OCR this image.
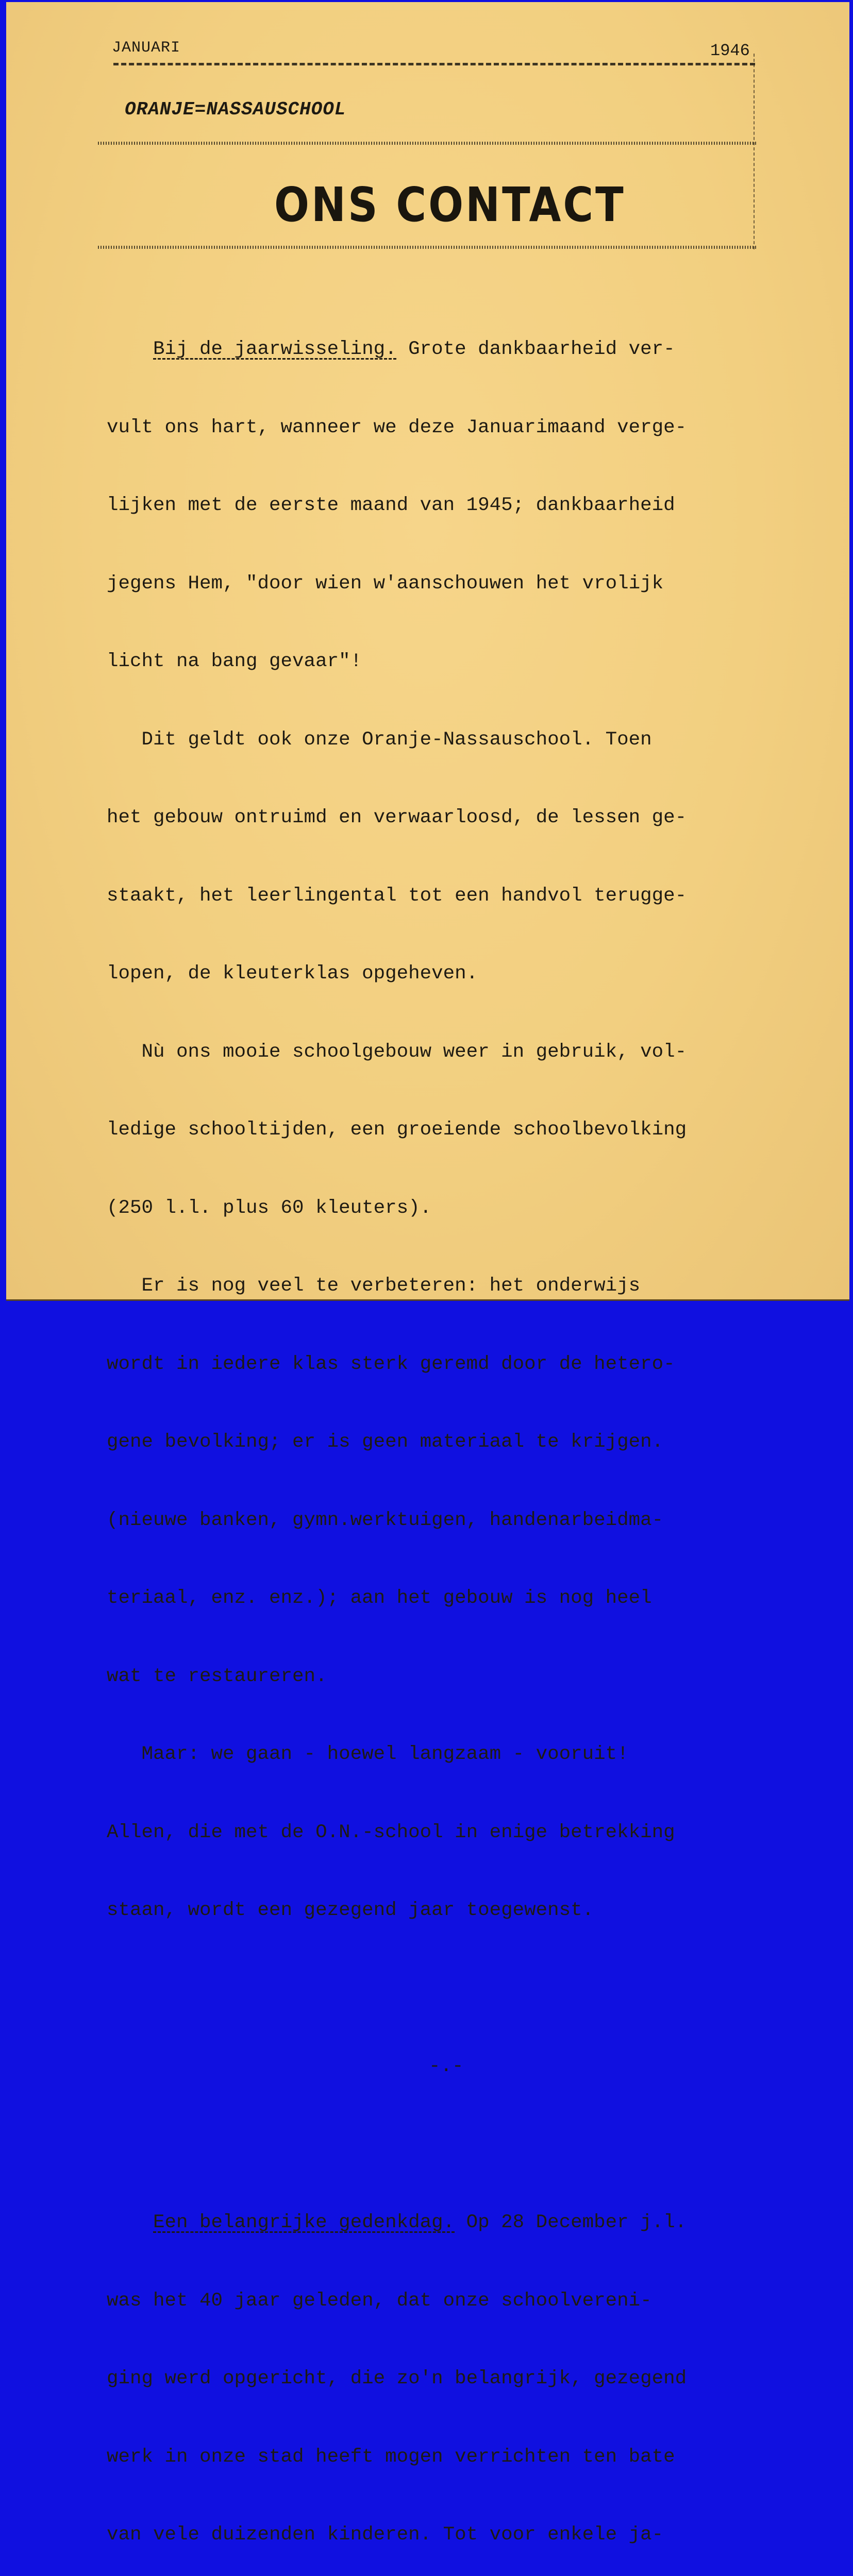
JANUARI	1946
ORANJE=NASSAUSCHOOL
ONS CONTACT

Bij de jaarwisseling. Grote dankbaarheid ver-

vult ons hart, wanneer we deze Januarimaand verge-

lijken met de eerste maand van 1945; dankbaarheid

jegens Hem, "door wien w'aanschouwen het vrolijk

licht na bang gevaar"!

Dit geldt ook onze Oranje-Nassauschool. Toen

het gebouw ontruimd en verwaarloosd, de lessen ge-

staakt, het leerlingental tot een handvol terugge-

lopen, de kleuterklas opgeheven.

Nù ons mooie schoolgebouw weer in gebruik, vol-

ledige schooltijden, een groeiende schoolbevolking

(250 l.l. plus 60 kleuters).

Er is nog veel te verbeteren: het onderwijs

wordt in iedere klas sterk geremd door de hetero-

gene bevolking; er is geen materiaal te krijgen.

(nieuwe banken, gymn.werktuigen, handenarbeidma-

teriaal, enz. enz.); aan het gebouw is nog heel

wat te restaureren.

Maar: we gaan - hoewel langzaam - vooruit!

Allen, die met de O.N.-school in enige betrekking

staan, wordt een gezegend jaar toegewenst.

-.-

Een belangrijke gedenkdag. Op 28 December j.l.

was het 40 jaar geleden, dat onze schoolvereni-

ging werd opgericht, die zo'n belangrijk, gezegend

werk in onze stad heeft mogen verrichten ten bate

van vele duizenden kinderen. Tot voor enkele ja-
